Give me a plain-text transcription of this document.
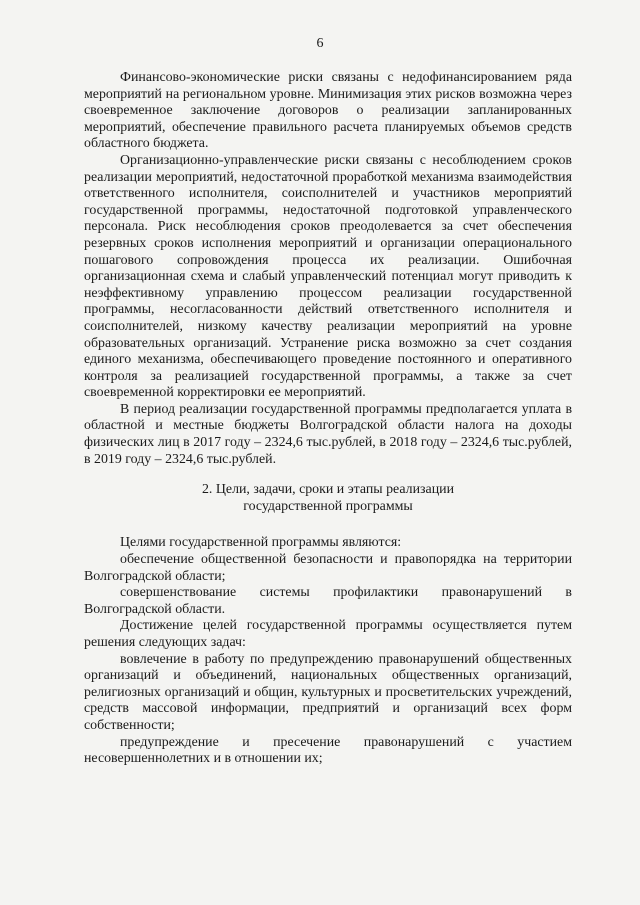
6

Финансово-экономические риски связаны с недофинансированием ряда мероприятий на региональном уровне. Минимизация этих рисков возможна через своевременное заключение договоров о реализации запланированных мероприятий, обеспечение правильного расчета планируемых объемов средств областного бюджета.

Организационно-управленческие риски связаны с несоблюдением сроков реализации мероприятий, недостаточной проработкой механизма взаимодействия ответственного исполнителя, соисполнителей и участников мероприятий государственной программы, недостаточной подготовкой управленческого персонала. Риск несоблюдения сроков преодолевается за счет обеспечения резервных сроков исполнения мероприятий и организации операционального пошагового сопровождения процесса их реализации. Ошибочная организационная схема и слабый управленческий потенциал могут приводить к неэффективному управлению процессом реализации государственной программы, несогласованности действий ответственного исполнителя и соисполнителей, низкому качеству реализации мероприятий на уровне образовательных организаций. Устранение риска возможно за счет создания единого механизма, обеспечивающего проведение постоянного и оперативного контроля за реализацией государственной программы, а также за счет своевременной корректировки ее мероприятий.

В период реализации государственной программы предполагается уплата в областной и местные бюджеты Волгоградской области налога на доходы физических лиц в 2017 году – 2324,6 тыс.рублей, в 2018 году – 2324,6 тыс.рублей, в 2019 году – 2324,6 тыс.рублей.

2. Цели, задачи, сроки и этапы реализации
государственной программы

Целями государственной программы являются:

обеспечение общественной безопасности и правопорядка на территории Волгоградской области;

совершенствование системы профилактики правонарушений в Волгоградской области.

Достижение целей государственной программы осуществляется путем решения следующих задач:

вовлечение в работу по предупреждению правонарушений общественных организаций и объединений, национальных общественных организаций, религиозных организаций и общин, культурных и просветительских учреждений, средств массовой информации, предприятий и организаций всех форм собственности;

предупреждение и пресечение правонарушений с участием несовершеннолетних и в отношении их;
